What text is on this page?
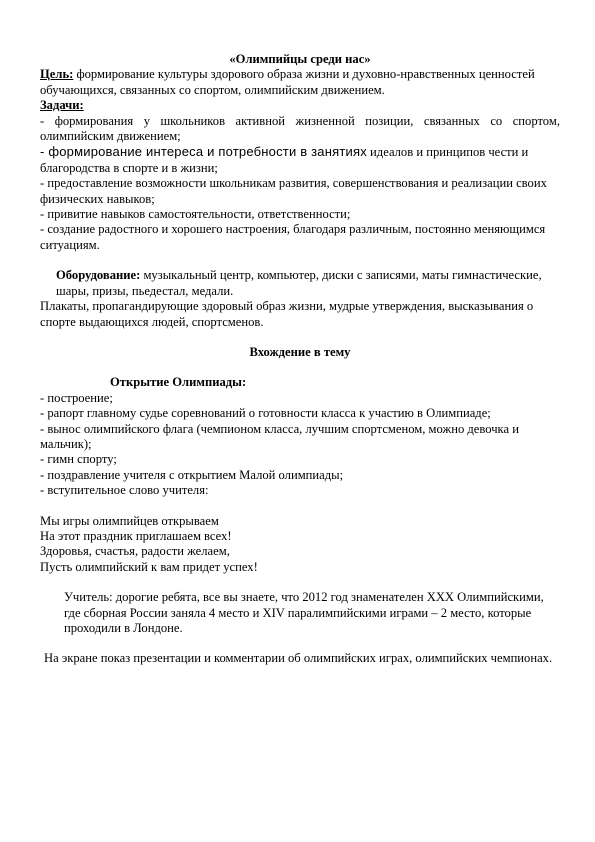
«Олимпийцы среди нас»

Цель: формирование культуры здорового образа жизни и духовно-нравственных ценностей обучающихся, связанных со спортом, олимпийским движением.

Задачи:

- формирования у школьников активной жизненной позиции, связанных со спортом, олимпийским движением;

- формирование интереса и потребности в занятиях идеалов и принципов чести и благородства в спорте и в жизни;

- предоставление возможности школьникам развития, совершенствования и реализации своих физических навыков;

- привитие навыков самостоятельности, ответственности;

- создание радостного и хорошего настроения, благодаря различным, постоянно меняющимся ситуациям.

Оборудование: музыкальный центр, компьютер, диски с записями, маты гимнастические, шары, призы, пьедестал, медали.

Плакаты, пропагандирующие здоровый образ жизни, мудрые утверждения, высказывания о спорте выдающихся людей, спортсменов.

Вхождение в тему

Открытие Олимпиады:

- построение;

- рапорт главному судье соревнований о готовности класса к участию в Олимпиаде;

- вынос олимпийского флага (чемпионом класса, лучшим спортсменом, можно девочка и мальчик);

- гимн спорту;

- поздравление учителя с открытием Малой олимпиады;

- вступительное слово учителя:

Мы игры олимпийцев открываем

На этот праздник приглашаем всех!

Здоровья, счастья, радости желаем,

Пусть олимпийский к вам придет успех!

Учитель: дорогие ребята, все вы знаете, что 2012 год знаменателен XXX Олимпийскими, где сборная России заняла 4 место и XIV паралимпийскими играми – 2 место, которые проходили в Лондоне.

На экране показ презентации и комментарии об олимпийских играх, олимпийских чемпионах.
